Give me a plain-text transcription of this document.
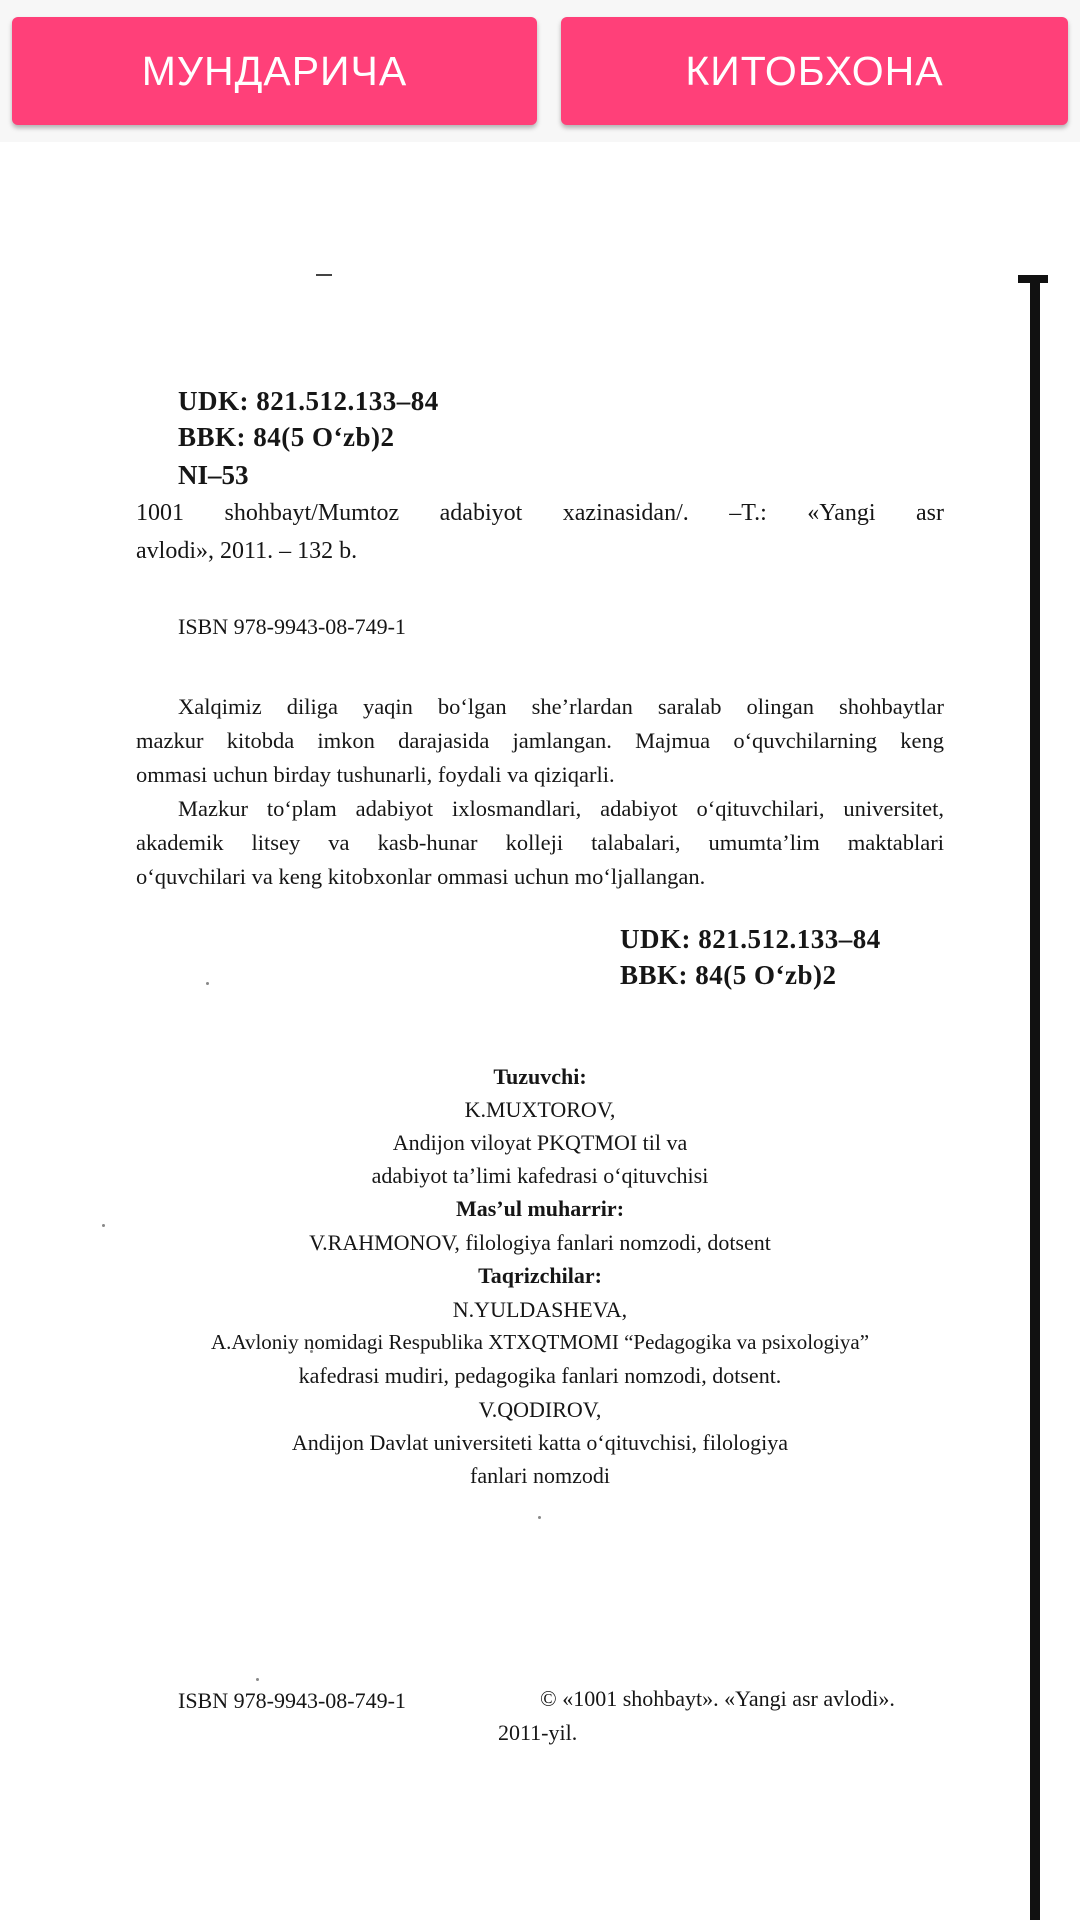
МУНДАРИЧА	КИТОБХОНА
UDK: 821.512.133–84
BBK: 84(5 O‘zb)2
NI–53

1001 shohbayt/Mumtoz adabiyot xazinasidan/. –T.: «Yangi asr

avlodi», 2011. – 132 b.

ISBN 978-9943-08-749-1

Xalqimiz diliga yaqin bo‘lgan she’rlardan saralab olingan shohbaytlar

mazkur kitobda imkon darajasida jamlangan. Majmua o‘quvchilarning keng

ommasi uchun birday tushunarli, foydali va qiziqarli.

Mazkur to‘plam adabiyot ixlosmandlari, adabiyot o‘qituvchilari, universitet,

akademik litsey va kasb-hunar kolleji talabalari, umumta’lim maktablari

o‘quvchilari va keng kitobxonlar ommasi uchun mo‘ljallangan.

UDK: 821.512.133–84
BBK: 84(5 O‘zb)2
Tuzuvchi:
K.MUXTOROV,
Andijon viloyat PKQTMOI til va
adabiyot ta’limi kafedrasi o‘qituvchisi
Mas’ul muharrir:
V.RAHMONOV, filologiya fanlari nomzodi, dotsent
Taqrizchilar:
N.YULDASHEVA,
A.Avloniy nomidagi Respublika XTXQTMOMI “Pedagogika va psixologiya”
kafedrasi mudiri, pedagogika fanlari nomzodi, dotsent.
V.QODIROV,
Andijon Davlat universiteti katta o‘qituvchisi, filologiya
fanlari nomzodi
ISBN 978-9943-08-749-1	© «1001 shohbayt». «Yangi asr avlodi».
2011-yil.
